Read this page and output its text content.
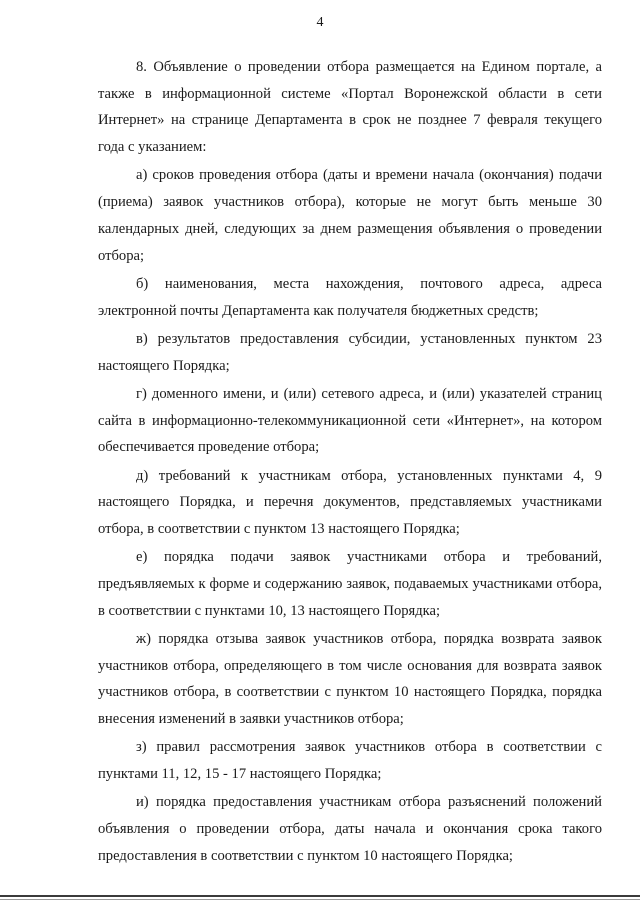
4

8. Объявление о проведении отбора размещается на Едином портале, а также в информационной системе «Портал Воронежской области в сети Интернет» на странице Департамента в срок не позднее 7 февраля текущего года с указанием:

а) сроков проведения отбора (даты и времени начала (окончания) подачи (приема) заявок участников отбора), которые не могут быть меньше 30 календарных дней, следующих за днем размещения объявления о проведении отбора;

б) наименования, места нахождения, почтового адреса, адреса электронной почты Департамента как получателя бюджетных средств;

в) результатов предоставления субсидии, установленных пунктом 23 настоящего Порядка;

г) доменного имени, и (или) сетевого адреса, и (или) указателей страниц сайта в информационно-телекоммуникационной сети «Интернет», на котором обеспечивается проведение отбора;

д) требований к участникам отбора, установленных пунктами 4, 9 настоящего Порядка, и перечня документов, представляемых участниками отбора, в соответствии с пунктом 13 настоящего Порядка;

е) порядка подачи заявок участниками отбора и требований, предъявляемых к форме и содержанию заявок, подаваемых участниками отбора, в соответствии с пунктами 10, 13 настоящего Порядка;

ж) порядка отзыва заявок участников отбора, порядка возврата заявок участников отбора, определяющего в том числе основания для возврата заявок участников отбора, в соответствии с пунктом 10 настоящего Порядка, порядка внесения изменений в заявки участников отбора;

з) правил рассмотрения заявок участников отбора в соответствии с пунктами 11, 12, 15 - 17 настоящего Порядка;

и) порядка предоставления участникам отбора разъяснений положений объявления о проведении отбора, даты начала и окончания срока такого предоставления в соответствии с пунктом 10 настоящего Порядка;
